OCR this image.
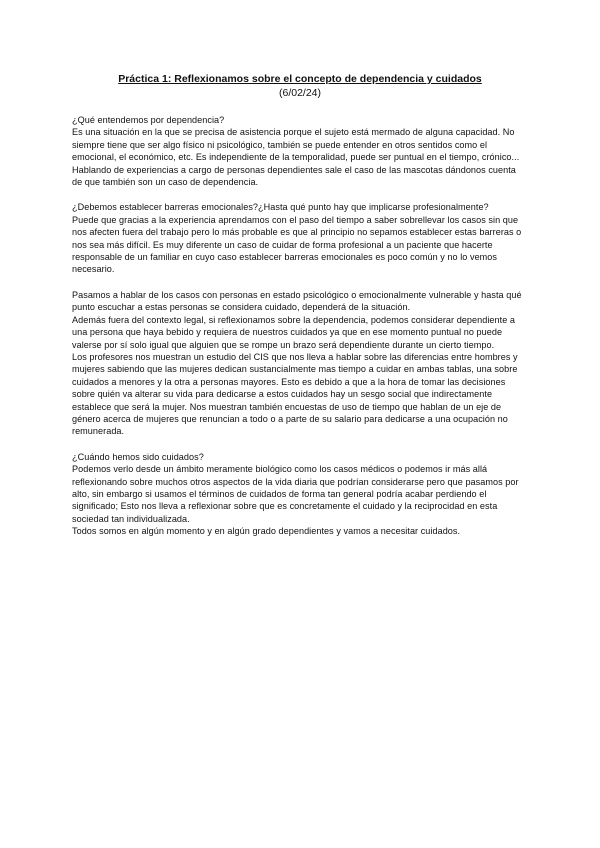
Práctica 1: Reflexionamos sobre el concepto de dependencia y cuidados
(6/02/24)

¿Qué entendemos por dependencia?

Es una situación en la que se precisa de asistencia porque el sujeto está mermado de alguna capacidad. No siempre tiene que ser algo físico ni psicológico, también se puede entender en otros sentidos como el emocional, el económico, etc. Es independiente de la temporalidad, puede ser puntual en el tiempo, crónico...

Hablando de experiencias a cargo de personas dependientes sale el caso de las mascotas dándonos cuenta de que también son un caso de dependencia.

¿Debemos establecer barreras emocionales?¿Hasta qué punto hay que implicarse profesionalmente?

Puede que gracias a la experiencia aprendamos con el paso del tiempo a saber sobrellevar los casos sin que nos afecten fuera del trabajo pero lo más probable es que al principio no sepamos establecer estas barreras o nos sea más difícil. Es muy diferente un caso de cuidar de forma profesional a un paciente que hacerte responsable de un familiar en cuyo caso establecer barreras emocionales es poco común y no lo vemos necesario.

Pasamos a hablar de los casos con personas en estado psicológico o emocionalmente vulnerable y hasta qué punto escuchar a estas personas se considera cuidado, dependerá de la situación.

Además fuera del contexto legal, si reflexionamos sobre la dependencia, podemos considerar dependiente a una persona que haya bebido y requiera de nuestros cuidados ya que en ese momento puntual no puede valerse por sí solo igual que alguien que se rompe un brazo será dependiente durante un cierto tiempo.

Los profesores nos muestran un estudio del CIS que nos lleva a hablar sobre las diferencias entre hombres y mujeres sabiendo que las mujeres dedican sustancialmente mas tiempo a cuidar en ambas tablas, una sobre cuidados a menores y la otra a personas mayores. Esto es debido a que a la hora de tomar las decisiones sobre quién va alterar su vida para dedicarse a estos cuidados hay un sesgo social que indirectamente establece que será la mujer. Nos muestran también encuestas de uso de tiempo que hablan de un eje de género acerca de mujeres que renuncian a todo o a parte de su salario para dedicarse a una ocupación no remunerada.

¿Cuándo hemos sido cuidados?

Podemos verlo desde un ámbito meramente biológico como los casos médicos o podemos ir más allá reflexionando sobre muchos otros aspectos de la vida diaria que podrían considerarse pero que pasamos por alto, sin embargo si usamos el términos de cuidados de forma tan general podría acabar perdiendo el significado; Esto nos lleva a reflexionar sobre que es concretamente el cuidado y la reciprocidad en esta sociedad tan individualizada.

Todos somos en algún momento y en algún grado dependientes y vamos a necesitar cuidados.
